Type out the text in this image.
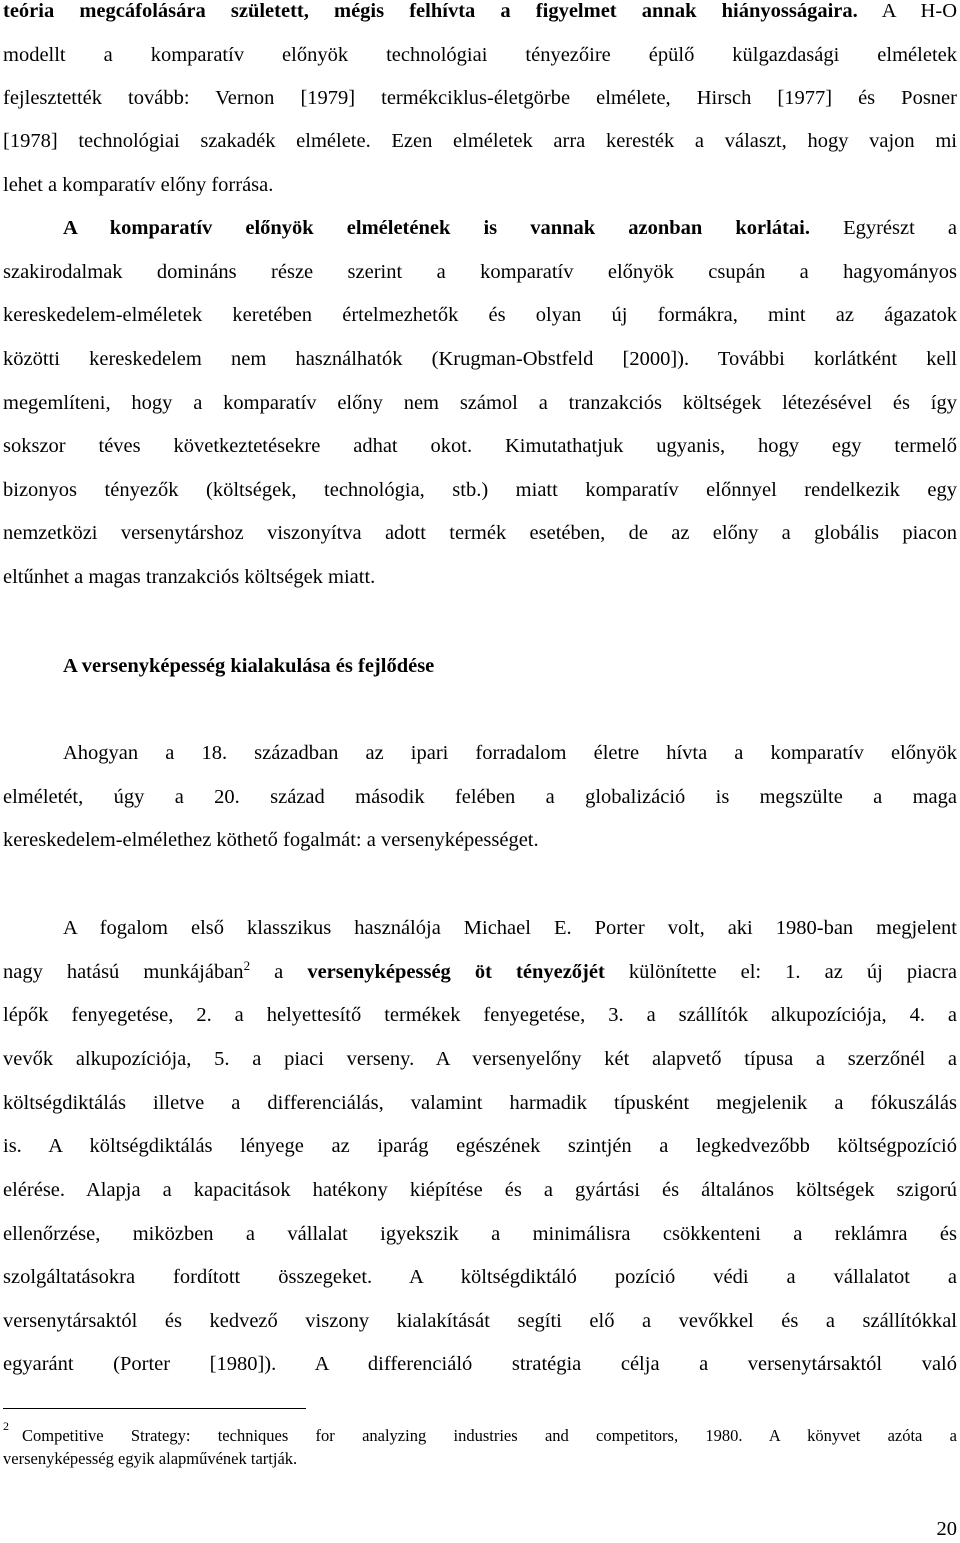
teória megcáfolására született, mégis felhívta a figyelmet annak hiányosságaira. A H-O
modellt a komparatív előnyök technológiai tényezőire épülő külgazdasági elméletek
fejlesztették tovább: Vernon [1979] termékciklus-életgörbe elmélete, Hirsch [1977] és Posner
[1978] technológiai szakadék elmélete. Ezen elméletek arra keresték a választ, hogy vajon mi
lehet a komparatív előny forrása.
A komparatív előnyök elméletének is vannak azonban korlátai. Egyrészt a
szakirodalmak domináns része szerint a komparatív előnyök csupán a hagyományos
kereskedelem-elméletek keretében értelmezhetők és olyan új formákra, mint az ágazatok
közötti kereskedelem nem használhatók (Krugman-Obstfeld [2000]). További korlátként kell
megemlíteni, hogy a komparatív előny nem számol a tranzakciós költségek létezésével és így
sokszor téves következtetésekre adhat okot. Kimutathatjuk ugyanis, hogy egy termelő
bizonyos tényezők (költségek, technológia, stb.) miatt komparatív előnnyel rendelkezik egy
nemzetközi versenytárshoz viszonyítva adott termék esetében, de az előny a globális piacon
eltűnhet a magas tranzakciós költségek miatt.
A versenyképesség kialakulása és fejlődése
Ahogyan a 18. században az ipari forradalom életre hívta a komparatív előnyök
elméletét, úgy a 20. század második felében a globalizáció is megszülte a maga
kereskedelem-elmélethez köthető fogalmát: a versenyképességet.
A fogalom első klasszikus használója Michael E. Porter volt, aki 1980-ban megjelent
nagy hatású munkájában$^2$ a versenyképesség öt tényezőjét különítette el: 1. az új piacra
lépők fenyegetése, 2. a helyettesítő termékek fenyegetése, 3. a szállítók alkupozíciója, 4. a
vevők alkupozíciója, 5. a piaci verseny. A versenyelőny két alapvető típusa a szerzőnél a
költségdiktálás illetve a differenciálás, valamint harmadik típusként megjelenik a fókuszálás
is. A költségdiktálás lényege az iparág egészének szintjén a legkedvezőbb költségpozíció
elérése. Alapja a kapacitások hatékony kiépítése és a gyártási és általános költségek szigorú
ellenőrzése, miközben a vállalat igyekszik a minimálisra csökkenteni a reklámra és
szolgáltatásokra fordított összegeket. A költségdiktáló pozíció védi a vállalatot a
versenytársaktól és kedvező viszony kialakítását segíti elő a vevőkkel és a szállítókkal
egyaránt (Porter [1980]). A differenciáló stratégia célja a versenytársaktól való
2 Competitive Strategy: techniques for analyzing industries and competitors, 1980. A könyvet azóta a
versenyképesség egyik alapművének tartják.
20
